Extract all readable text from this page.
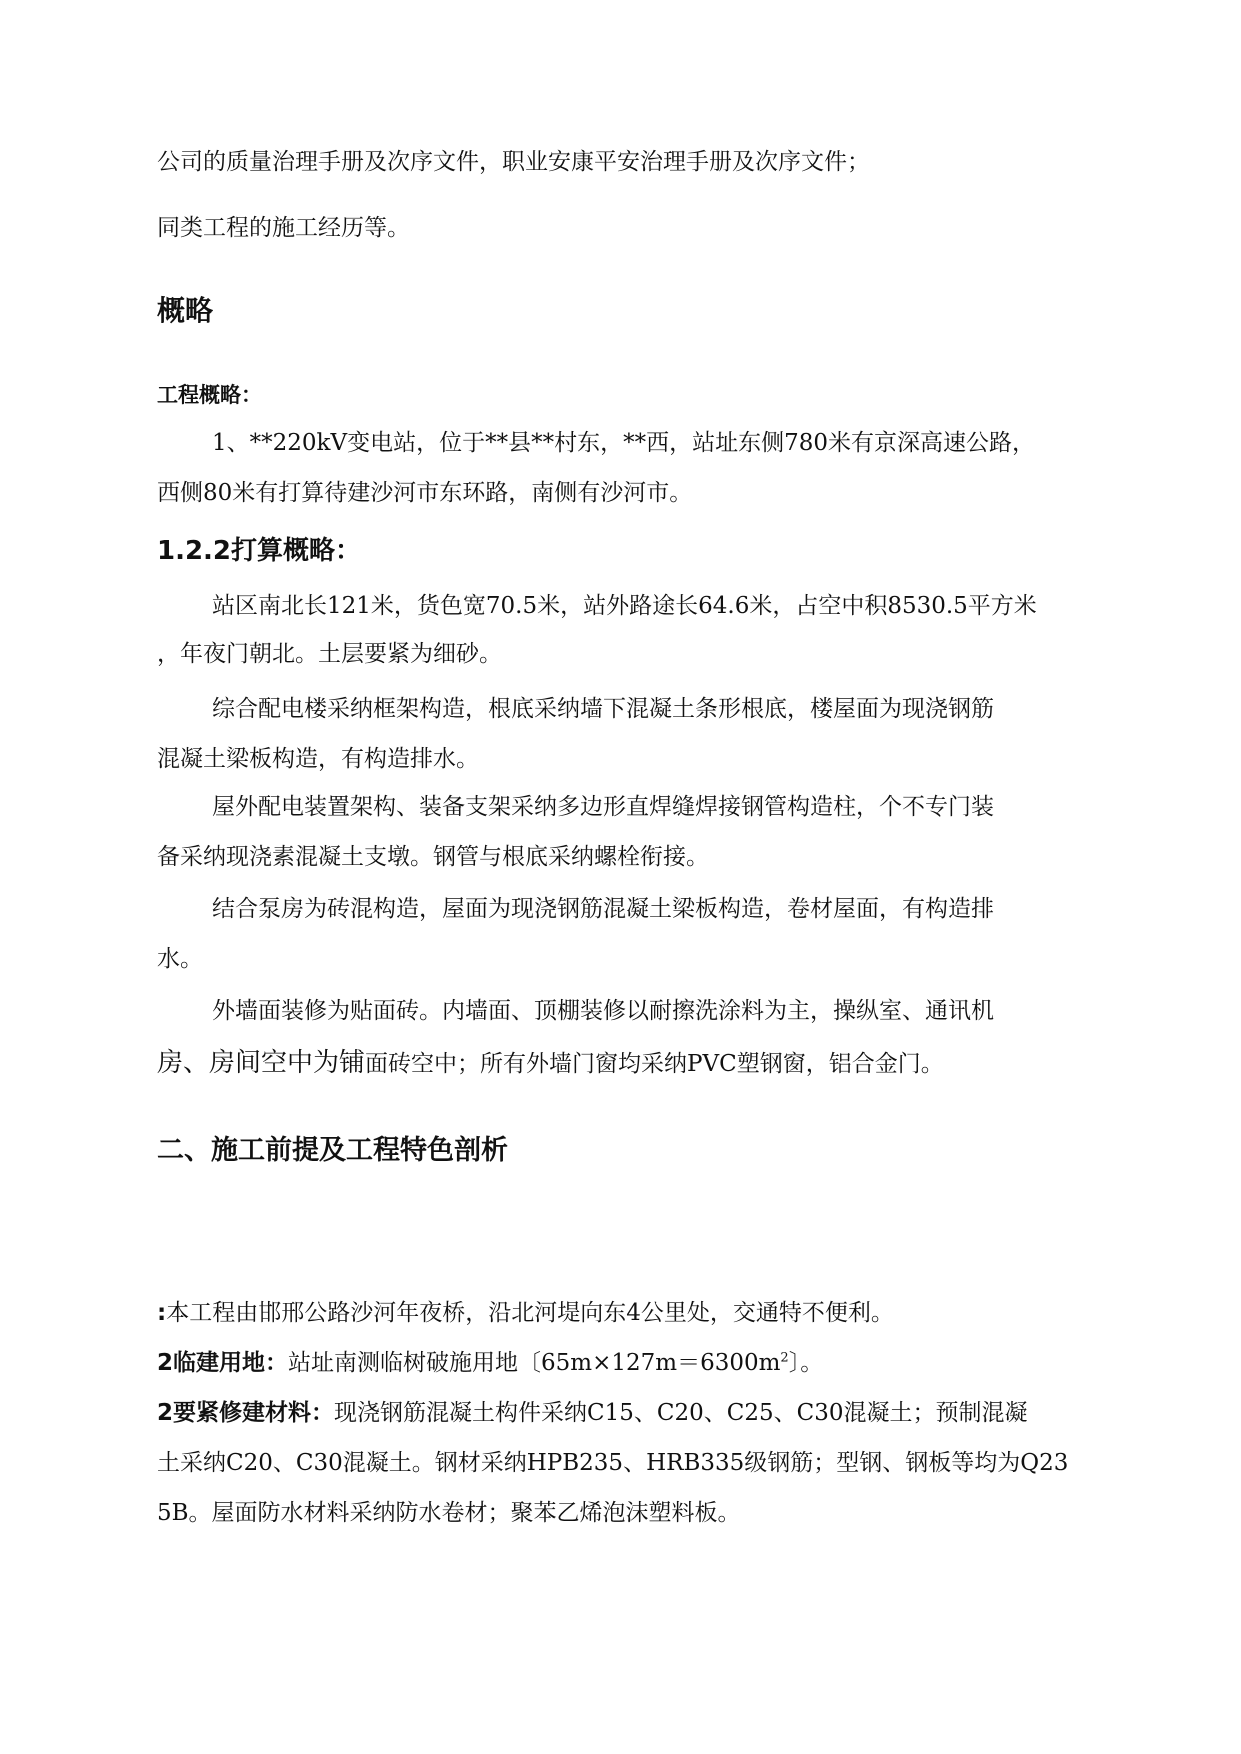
公司的质量治理手册及次序文件，职业安康平安治理手册及次序文件；
同类工程的施工经历等。
概略
工程概略：
1、**220kV变电站，位于**县**村东，**西，站址东侧780米有京深高速公路，
西侧80米有打算待建沙河市东环路，南侧有沙河市。
1.2.2打算概略：
站区南北长121米，货色宽70.5米，站外路途长64.6米，占空中积8530.5平方米
，年夜门朝北。土层要紧为细砂。
综合配电楼采纳框架构造，根底采纳墙下混凝土条形根底，楼屋面为现浇钢筋
混凝土梁板构造，有构造排水。
屋外配电装置架构、装备支架采纳多边形直焊缝焊接钢管构造柱，个不专门装
备采纳现浇素混凝土支墩。钢管与根底采纳螺栓衔接。
结合泵房为砖混构造，屋面为现浇钢筋混凝土梁板构造，卷材屋面，有构造排
水。
外墙面装修为贴面砖。内墙面、顶棚装修以耐擦洗涂料为主，操纵室、通讯机
房、房间空中为铺面砖空中；所有外墙门窗均采纳PVC塑钢窗，铝合金门。
二、施工前提及工程特色剖析
:本工程由邯邢公路沙河年夜桥，沿北河堤向东4公里处，交通特不便利。
2临建用地：站址南测临树破施用地〔$65m\times 127m=6300m^2$〕。
2要紧修建材料：现浇钢筋混凝土构件采纳C15、C20、C25、C30混凝土；预制混凝
土采纳C20、C30混凝土。钢材采纳HPB235、HRB335级钢筋；型钢、钢板等均为Q23
5B。屋面防水材料采纳防水卷材；聚苯乙烯泡沫塑料板。
